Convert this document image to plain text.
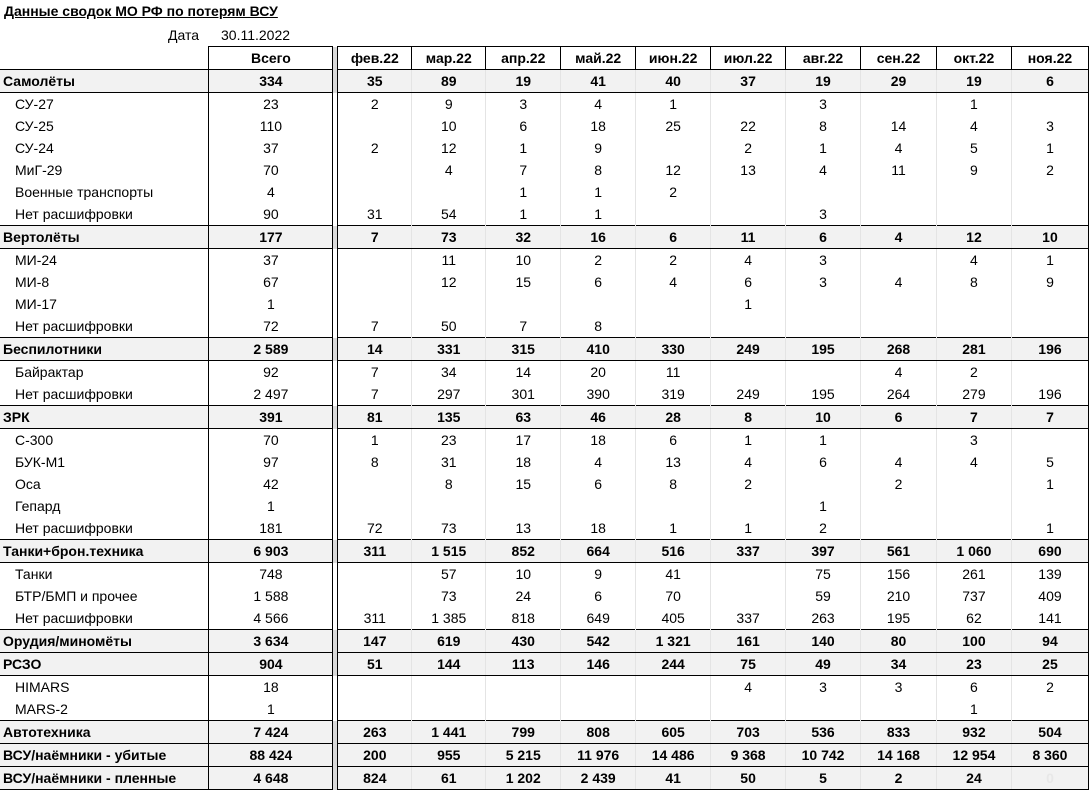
Данные сводок МО РФ по потерям ВСУ
Дата 30.11.2022
	Всего		фев.22	мар.22	апр.22	май.22	июн.22	июл.22	авг.22	сен.22	окт.22	ноя.22
Самолёты	334		35	89	19	41	40	37	19	29	19	6
СУ-27	23		2	9	3	4	1		3		1	
СУ-25	110			10	6	18	25	22	8	14	4	3
СУ-24	37		2	12	1	9		2	1	4	5	1
МиГ-29	70			4	7	8	12	13	4	11	9	2
Военные транспорты	4				1	1	2					
Нет расшифровки	90		31	54	1	1			3			
Вертолёты	177		7	73	32	16	6	11	6	4	12	10
МИ-24	37			11	10	2	2	4	3		4	1
МИ-8	67			12	15	6	4	6	3	4	8	9
МИ-17	1							1				
Нет расшифровки	72		7	50	7	8						
Беспилотники	2 589		14	331	315	410	330	249	195	268	281	196
Байрактар	92		7	34	14	20	11			4	2	
Нет расшифровки	2 497		7	297	301	390	319	249	195	264	279	196
ЗРК	391		81	135	63	46	28	8	10	6	7	7
С-300	70		1	23	17	18	6	1	1		3	
БУК-М1	97		8	31	18	4	13	4	6	4	4	5
Оса	42			8	15	6	8	2		2		1
Гепард	1								1			
Нет расшифровки	181		72	73	13	18	1	1	2			1
Танки+брон.техника	6 903		311	1 515	852	664	516	337	397	561	1 060	690
Танки	748			57	10	9	41		75	156	261	139
БТР/БМП и прочее	1 588			73	24	6	70		59	210	737	409
Нет расшифровки	4 566		311	1 385	818	649	405	337	263	195	62	141
Орудия/миномёты	3 634		147	619	430	542	1 321	161	140	80	100	94
РСЗО	904		51	144	113	146	244	75	49	34	23	25
HIMARS	18							4	3	3	6	2
MARS-2	1										1	
Автотехника	7 424		263	1 441	799	808	605	703	536	833	932	504
ВСУ/наёмники - убитые	88 424		200	955	5 215	11 976	14 486	9 368	10 742	14 168	12 954	8 360
ВСУ/наёмники - пленные	4 648		824	61	1 202	2 439	41	50	5	2	24	0
